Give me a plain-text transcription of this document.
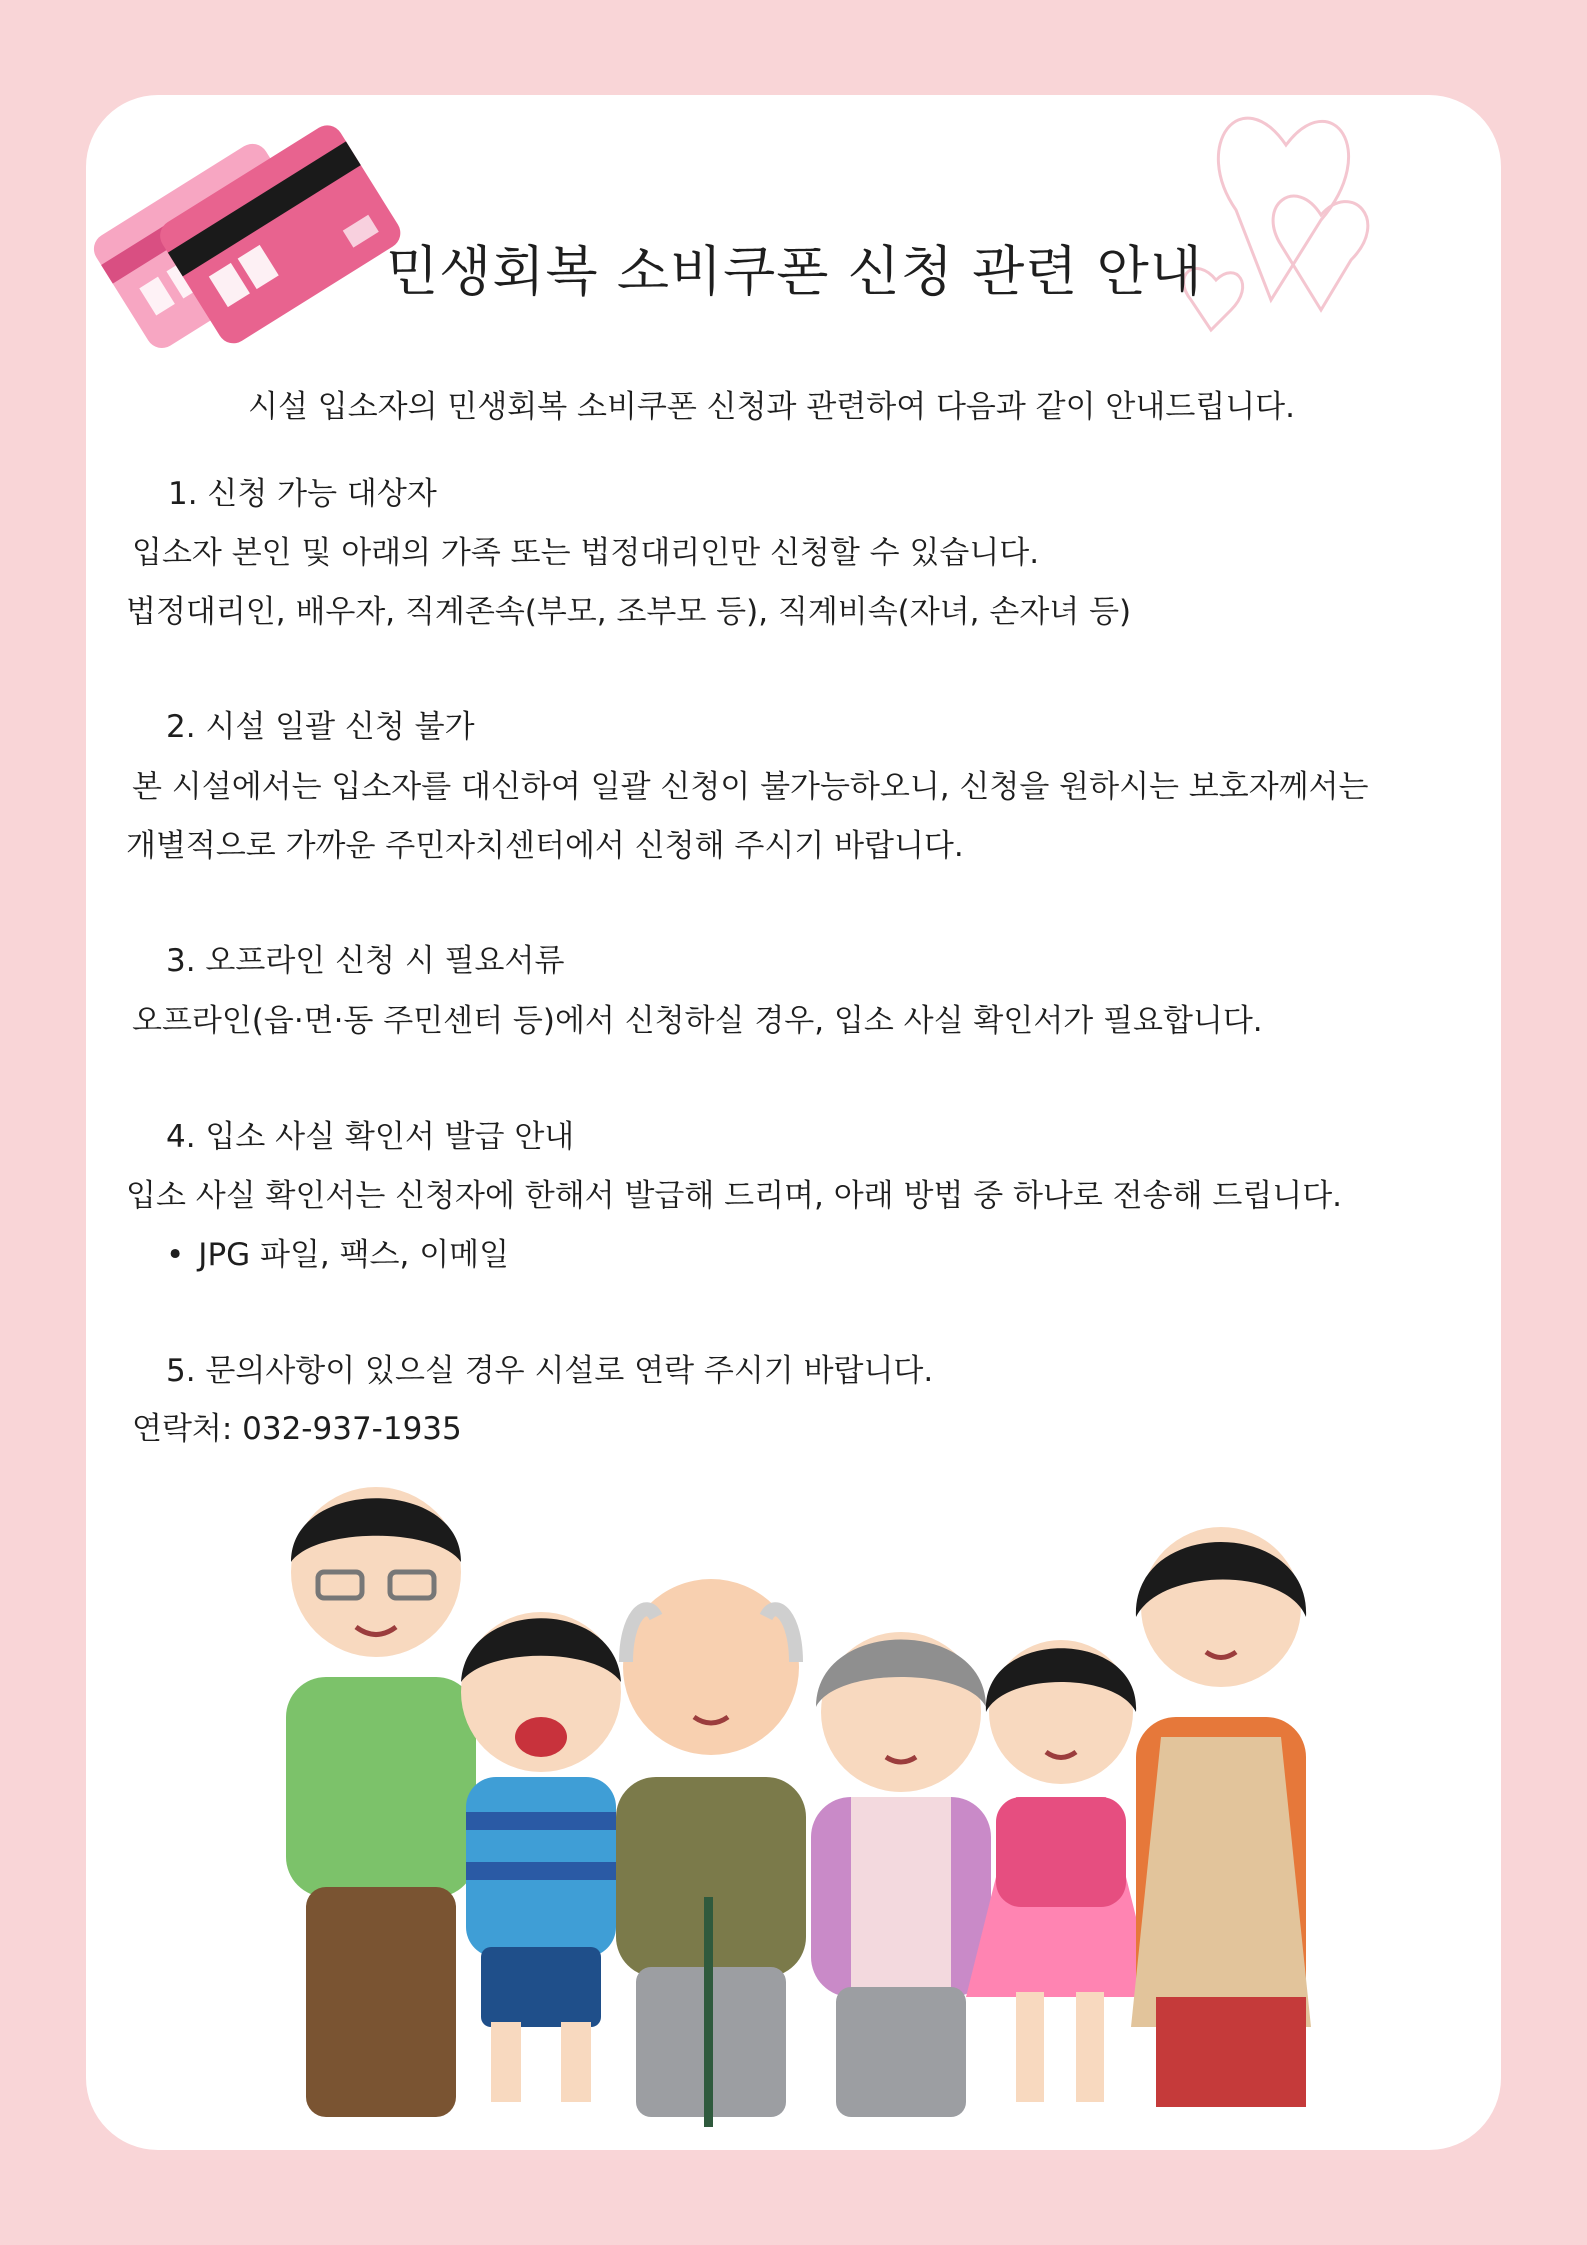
민생회복 소비쿠폰 신청 관련 안내

시설 입소자의 민생회복 소비쿠폰 신청과 관련하여 다음과 같이 안내드립니다.

1. 신청 가능 대상자

입소자 본인 및 아래의 가족 또는 법정대리인만 신청할 수 있습니다.

법정대리인, 배우자, 직계존속(부모, 조부모 등), 직계비속(자녀, 손자녀 등)

2. 시설 일괄 신청 불가

본 시설에서는 입소자를 대신하여 일괄 신청이 불가능하오니, 신청을 원하시는 보호자께서는

개별적으로 가까운 주민자치센터에서 신청해 주시기 바랍니다.

3. 오프라인 신청 시 필요서류

오프라인(읍·면·동 주민센터 등)에서 신청하실 경우, 입소 사실 확인서가 필요합니다.

4. 입소 사실 확인서 발급 안내

입소 사실 확인서는 신청자에 한해서 발급해 드리며, 아래 방법 중 하나로 전송해 드립니다.

• JPG 파일, 팩스, 이메일

5. 문의사항이 있으실 경우 시설로 연락 주시기 바랍니다.

연락처: 032-937-1935
